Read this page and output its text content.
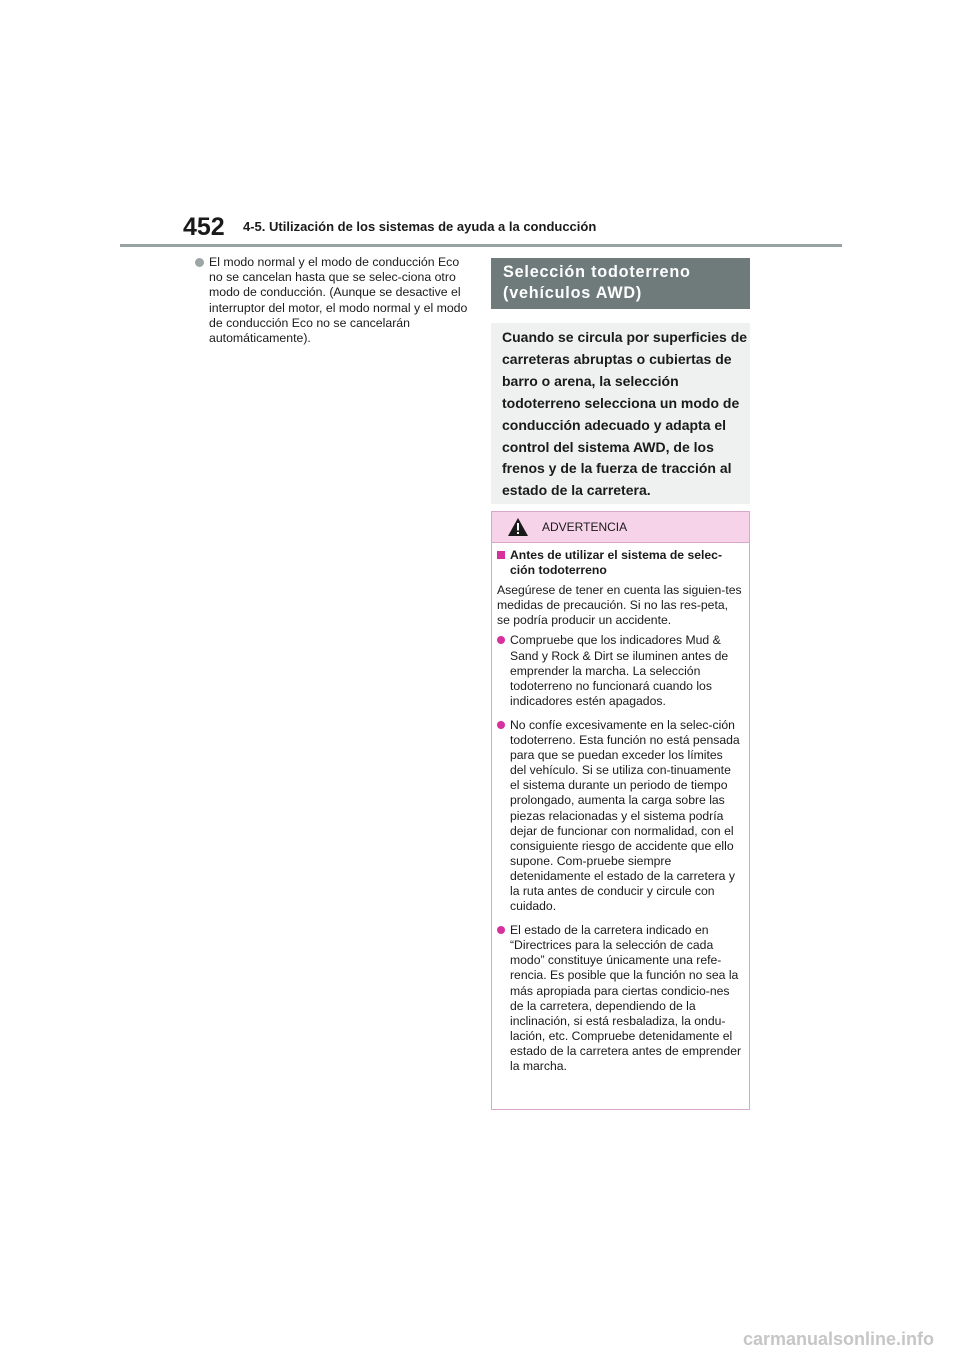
452 4-5. Utilización de los sistemas de ayuda a la conducción
El modo normal y el modo de conducción Eco no se cancelan hasta que se selec-ciona otro modo de conducción. (Aunque se desactive el interruptor del motor, el modo normal y el modo de conducción Eco no se cancelarán automáticamente).
Selección todoterreno
(vehículos AWD)
Cuando se circula por superficies de carreteras abruptas o cubiertas de barro o arena, la selección todoterreno selecciona un modo de conducción adecuado y adapta el control del sistema AWD, de los frenos y de la fuerza de tracción al estado de la carretera.
ADVERTENCIA
Antes de utilizar el sistema de selec-ción todoterreno
Asegúrese de tener en cuenta las siguien-tes medidas de precaución. Si no las res-peta, se podría producir un accidente.
Compruebe que los indicadores Mud & Sand y Rock & Dirt se iluminen antes de emprender la marcha. La selección todoterreno no funcionará cuando los indicadores estén apagados.
No confíe excesivamente en la selec-ción todoterreno. Esta función no está pensada para que se puedan exceder los límites del vehículo. Si se utiliza con-tinuamente el sistema durante un periodo de tiempo prolongado, aumenta la carga sobre las piezas relacionadas y el sistema podría dejar de funcionar con normalidad, con el consiguiente riesgo de accidente que ello supone. Com-pruebe siempre detenidamente el estado de la carretera y la ruta antes de conducir y circule con cuidado.
El estado de la carretera indicado en “Directrices para la selección de cada modo” constituye únicamente una refe-rencia. Es posible que la función no sea la más apropiada para ciertas condicio-nes de la carretera, dependiendo de la inclinación, si está resbaladiza, la ondu-lación, etc. Compruebe detenidamente el estado de la carretera antes de emprender la marcha.
carmanualsonline.info
